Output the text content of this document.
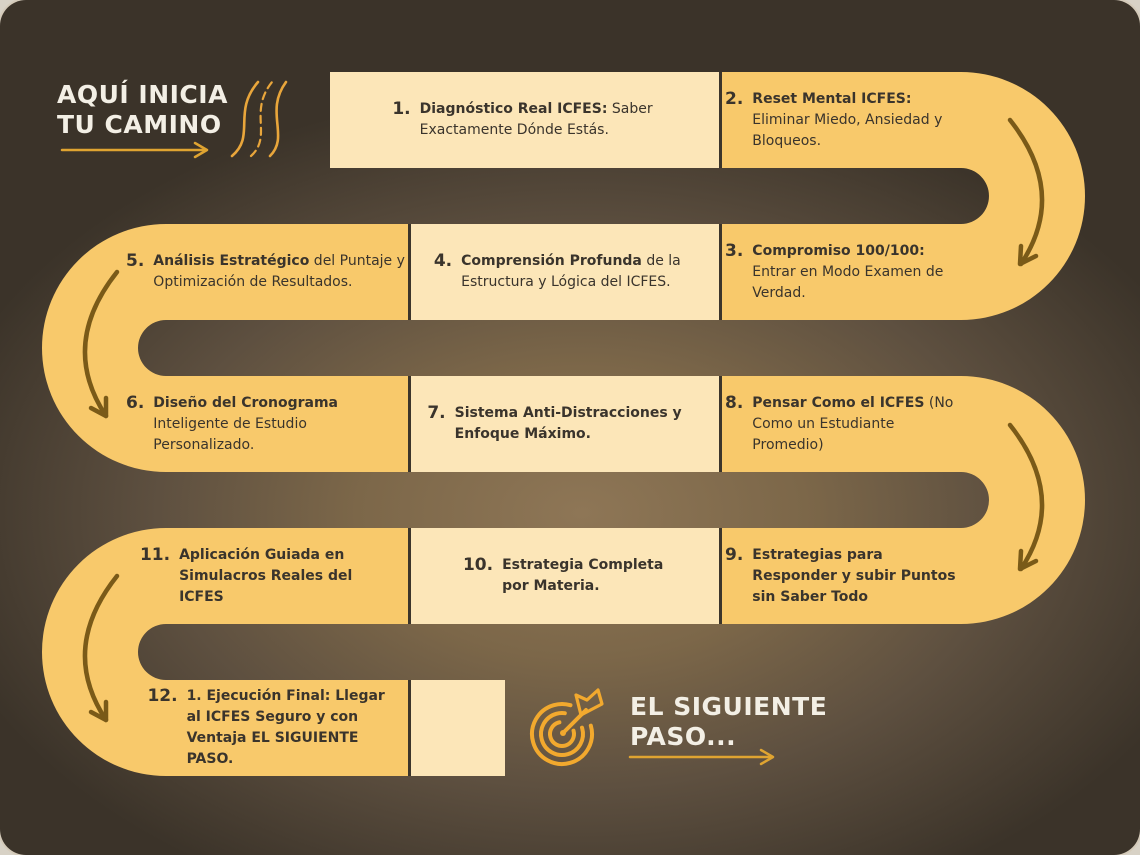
AQUÍ INICIA
TU CAMINO
1. Diagnóstico Real ICFES: Saber Exactamente Dónde Estás.
2. Reset Mental ICFES: Eliminar Miedo, Ansiedad y Bloqueos.
3. Compromiso 100/100: Entrar en Modo Examen de Verdad.
4. Comprensión Profunda de la Estructura y Lógica del ICFES.
5. Análisis Estratégico del Puntaje y Optimización de Resultados.
6. Diseño del Cronograma Inteligente de Estudio Personalizado.
7. Sistema Anti-Distracciones y Enfoque Máximo.
8. Pensar Como el ICFES (No Como un Estudiante Promedio)
9. Estrategias para Responder y subir Puntos sin Saber Todo
10. Estrategia Completa por Materia.
11. Aplicación Guiada en Simulacros Reales del ICFES
12. 1. Ejecución Final: Llegar al ICFES Seguro y con Ventaja EL SIGUIENTE PASO.
EL SIGUIENTE
PASO...
